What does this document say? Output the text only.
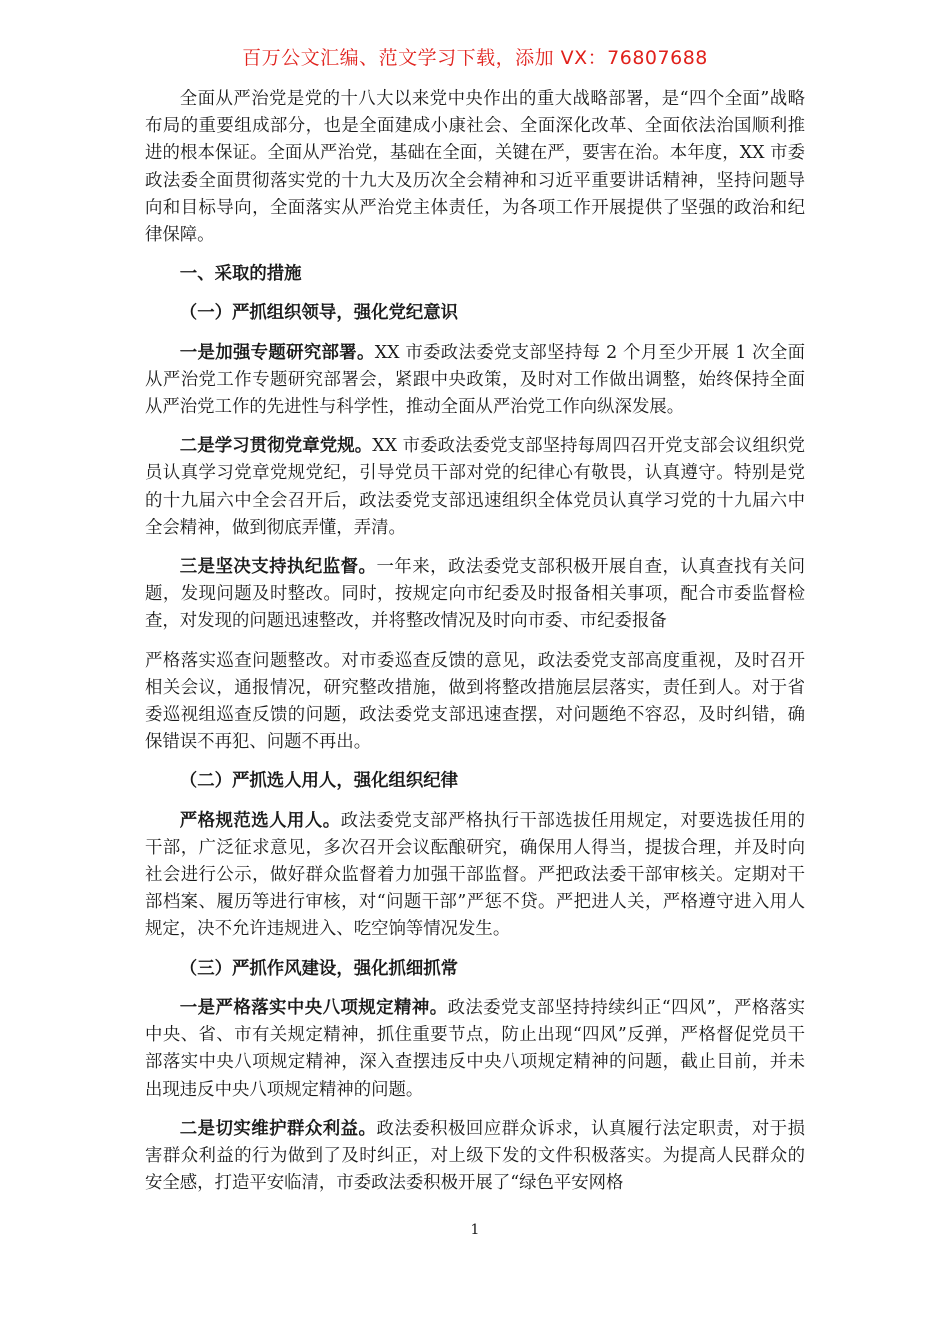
百万公文汇编、范文学习下载，添加 VX：76807688

全面从严治党是党的十八大以来党中央作出的重大战略部署，是“四个全面”战略布局的重要组成部分，也是全面建成小康社会、全面深化改革、全面依法治国顺利推进的根本保证。全面从严治党，基础在全面，关键在严，要害在治。本年度，XX 市委政法委全面贯彻落实党的十九大及历次全会精神和习近平重要讲话精神，坚持问题导向和目标导向，全面落实从严治党主体责任，为各项工作开展提供了坚强的政治和纪律保障。

一、采取的措施

（一）严抓组织领导，强化党纪意识

一是加强专题研究部署。XX 市委政法委党支部坚持每 2 个月至少开展 1 次全面从严治党工作专题研究部署会，紧跟中央政策，及时对工作做出调整，始终保持全面从严治党工作的先进性与科学性，推动全面从严治党工作向纵深发展。

二是学习贯彻党章党规。XX 市委政法委党支部坚持每周四召开党支部会议组织党员认真学习党章党规党纪，引导党员干部对党的纪律心有敬畏，认真遵守。特别是党的十九届六中全会召开后，政法委党支部迅速组织全体党员认真学习党的十九届六中全会精神，做到彻底弄懂，弄清。

三是坚决支持执纪监督。一年来，政法委党支部积极开展自查，认真查找有关问题，发现问题及时整改。同时，按规定向市纪委及时报备相关事项，配合市委监督检查，对发现的问题迅速整改，并将整改情况及时向市委、市纪委报备

严格落实巡查问题整改。对市委巡查反馈的意见，政法委党支部高度重视，及时召开相关会议，通报情况，研究整改措施，做到将整改措施层层落实，责任到人。对于省委巡视组巡查反馈的问题，政法委党支部迅速查摆，对问题绝不容忍，及时纠错，确保错误不再犯、问题不再出。

（二）严抓选人用人，强化组织纪律

严格规范选人用人。政法委党支部严格执行干部选拔任用规定，对要选拔任用的干部，广泛征求意见，多次召开会议酝酿研究，确保用人得当，提拔合理，并及时向社会进行公示，做好群众监督着力加强干部监督。严把政法委干部审核关。定期对干部档案、履历等进行审核，对“问题干部”严惩不贷。严把进人关，严格遵守进入用人规定，决不允许违规进入、吃空饷等情况发生。

（三）严抓作风建设，强化抓细抓常

一是严格落实中央八项规定精神。政法委党支部坚持持续纠正“四风”，严格落实中央、省、市有关规定精神，抓住重要节点，防止出现“四风”反弹，严格督促党员干部落实中央八项规定精神，深入查摆违反中央八项规定精神的问题，截止目前，并未出现违反中央八项规定精神的问题。

二是切实维护群众利益。政法委积极回应群众诉求，认真履行法定职责，对于损害群众利益的行为做到了及时纠正，对上级下发的文件积极落实。为提高人民群众的安全感，打造平安临清，市委政法委积极开展了“绿色平安网格

1
